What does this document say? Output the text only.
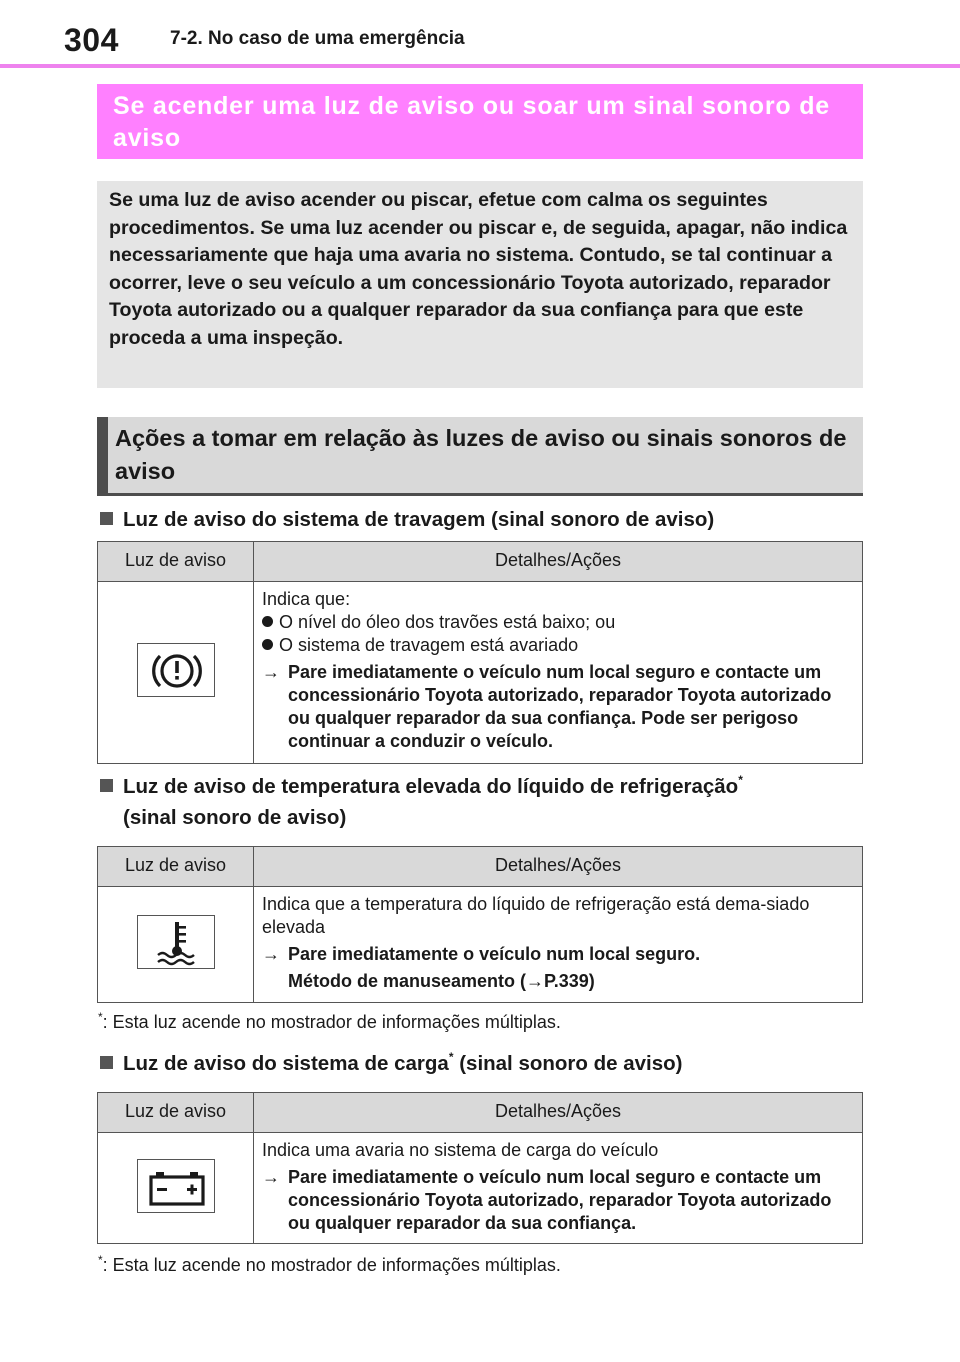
304	7-2. No caso de uma emergência
Se acender uma luz de aviso ou soar um sinal sonoro de aviso
Se uma luz de aviso acender ou piscar, efetue com calma os seguintes procedimentos. Se uma luz acender ou piscar e, de seguida, apagar, não indica necessariamente que haja uma avaria no sistema. Contudo, se tal continuar a ocorrer, leve o seu veículo a um concessionário Toyota autorizado, reparador Toyota autorizado ou a qualquer reparador da sua confiança para que este proceda a uma inspeção.
Ações a tomar em relação às luzes de aviso ou sinais sonoros de aviso
Luz de aviso do sistema de travagem (sinal sonoro de aviso)
Luz de aviso	Detalhes/Ações

Indica que:
O nível do óleo dos travões está baixo; ou
O sistema de travagem está avariado
→ Pare imediatamente o veículo num local seguro e contacte um concessionário Toyota autorizado, reparador Toyota autorizado ou qualquer reparador da sua confiança. Pode ser perigoso continuar a conduzir o veículo.
Luz de aviso de temperatura elevada do líquido de refrigeração*
(sinal sonoro de aviso)
Luz de aviso	Detalhes/Ações

Indica que a temperatura do líquido de refrigeração está dema-siado elevada
→ Pare imediatamente o veículo num local seguro.
Método de manuseamento (→P.339)
*: Esta luz acende no mostrador de informações múltiplas.
Luz de aviso do sistema de carga* (sinal sonoro de aviso)
Luz de aviso	Detalhes/Ações

Indica uma avaria no sistema de carga do veículo
→ Pare imediatamente o veículo num local seguro e contacte um concessionário Toyota autorizado, reparador Toyota autorizado ou qualquer reparador da sua confiança.
*: Esta luz acende no mostrador de informações múltiplas.
